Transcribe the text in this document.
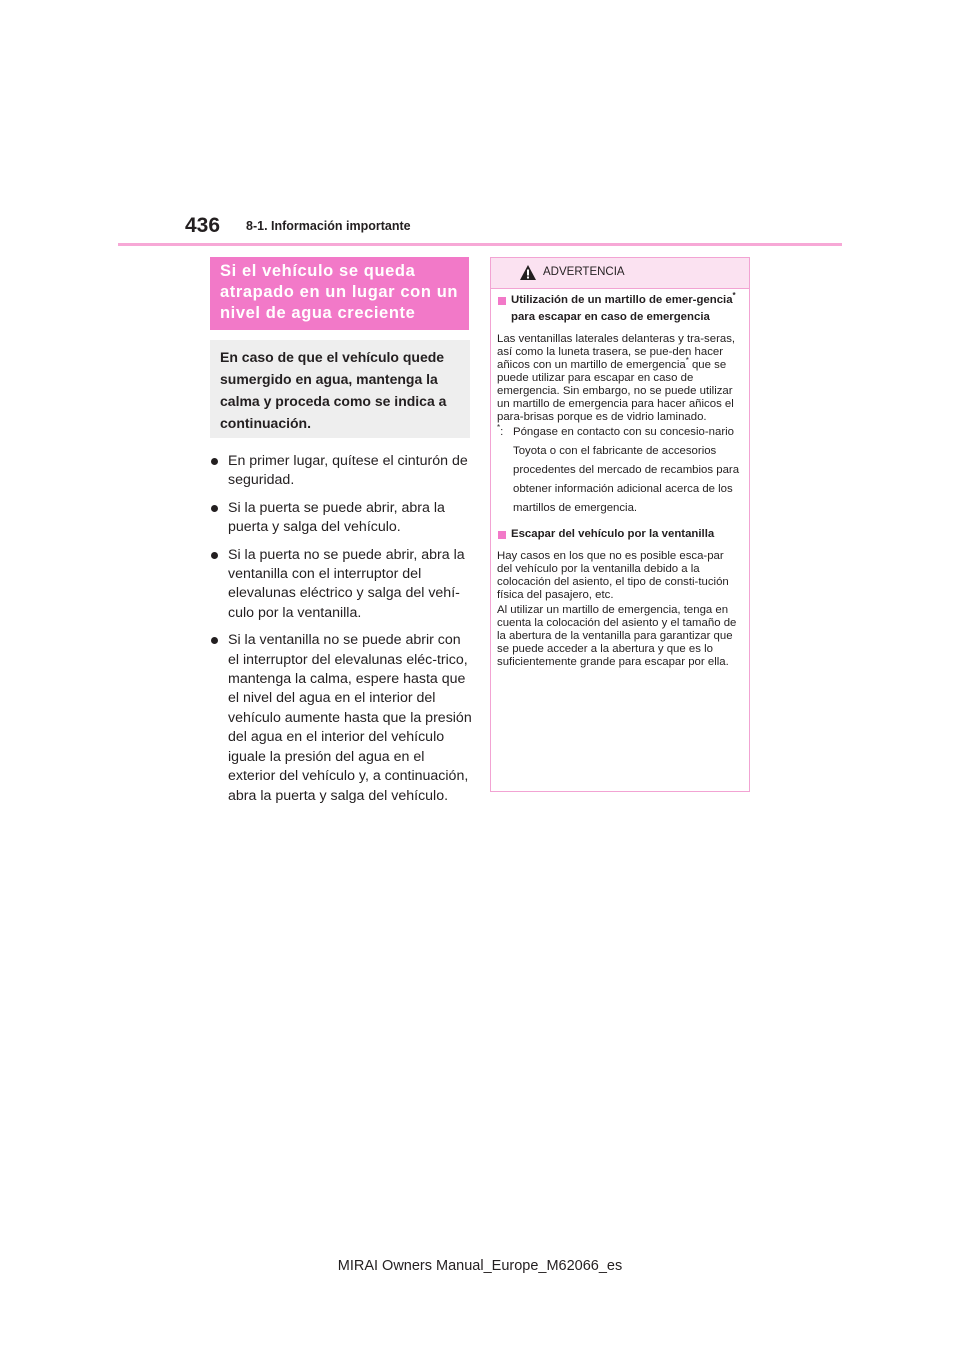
436 8-1. Información importante
Si el vehículo se queda atrapado en un lugar con un nivel de agua creciente
En caso de que el vehículo quede sumergido en agua, mantenga la calma y proceda como se indica a continuación.
En primer lugar, quítese el cinturón de seguridad.
Si la puerta se puede abrir, abra la puerta y salga del vehículo.
Si la puerta no se puede abrir, abra la ventanilla con el interruptor del elevalunas eléctrico y salga del vehí-culo por la ventanilla.
Si la ventanilla no se puede abrir con el interruptor del elevalunas eléc-trico, mantenga la calma, espere hasta que el nivel del agua en el interior del vehículo aumente hasta que la presión del agua en el interior del vehículo iguale la presión del agua en el exterior del vehículo y, a continuación, abra la puerta y salga del vehículo.
ADVERTENCIA
Utilización de un martillo de emer-gencia* para escapar en caso de emergencia
Las ventanillas laterales delanteras y tra-seras, así como la luneta trasera, se pue-den hacer añicos con un martillo de emergencia* que se puede utilizar para escapar en caso de emergencia. Sin embargo, no se puede utilizar un martillo de emergencia para hacer añicos el para-brisas porque es de vidrio laminado.
*: Póngase en contacto con su concesio-nario Toyota o con el fabricante de accesorios procedentes del mercado de recambios para obtener información adicional acerca de los martillos de emergencia.
Escapar del vehículo por la ventanilla
Hay casos en los que no es posible esca-par del vehículo por la ventanilla debido a la colocación del asiento, el tipo de consti-tución física del pasajero, etc.
Al utilizar un martillo de emergencia, tenga en cuenta la colocación del asiento y el tamaño de la abertura de la ventanilla para garantizar que se puede acceder a la abertura y que es lo suficientemente grande para escapar por ella.
MIRAI Owners Manual_Europe_M62066_es
